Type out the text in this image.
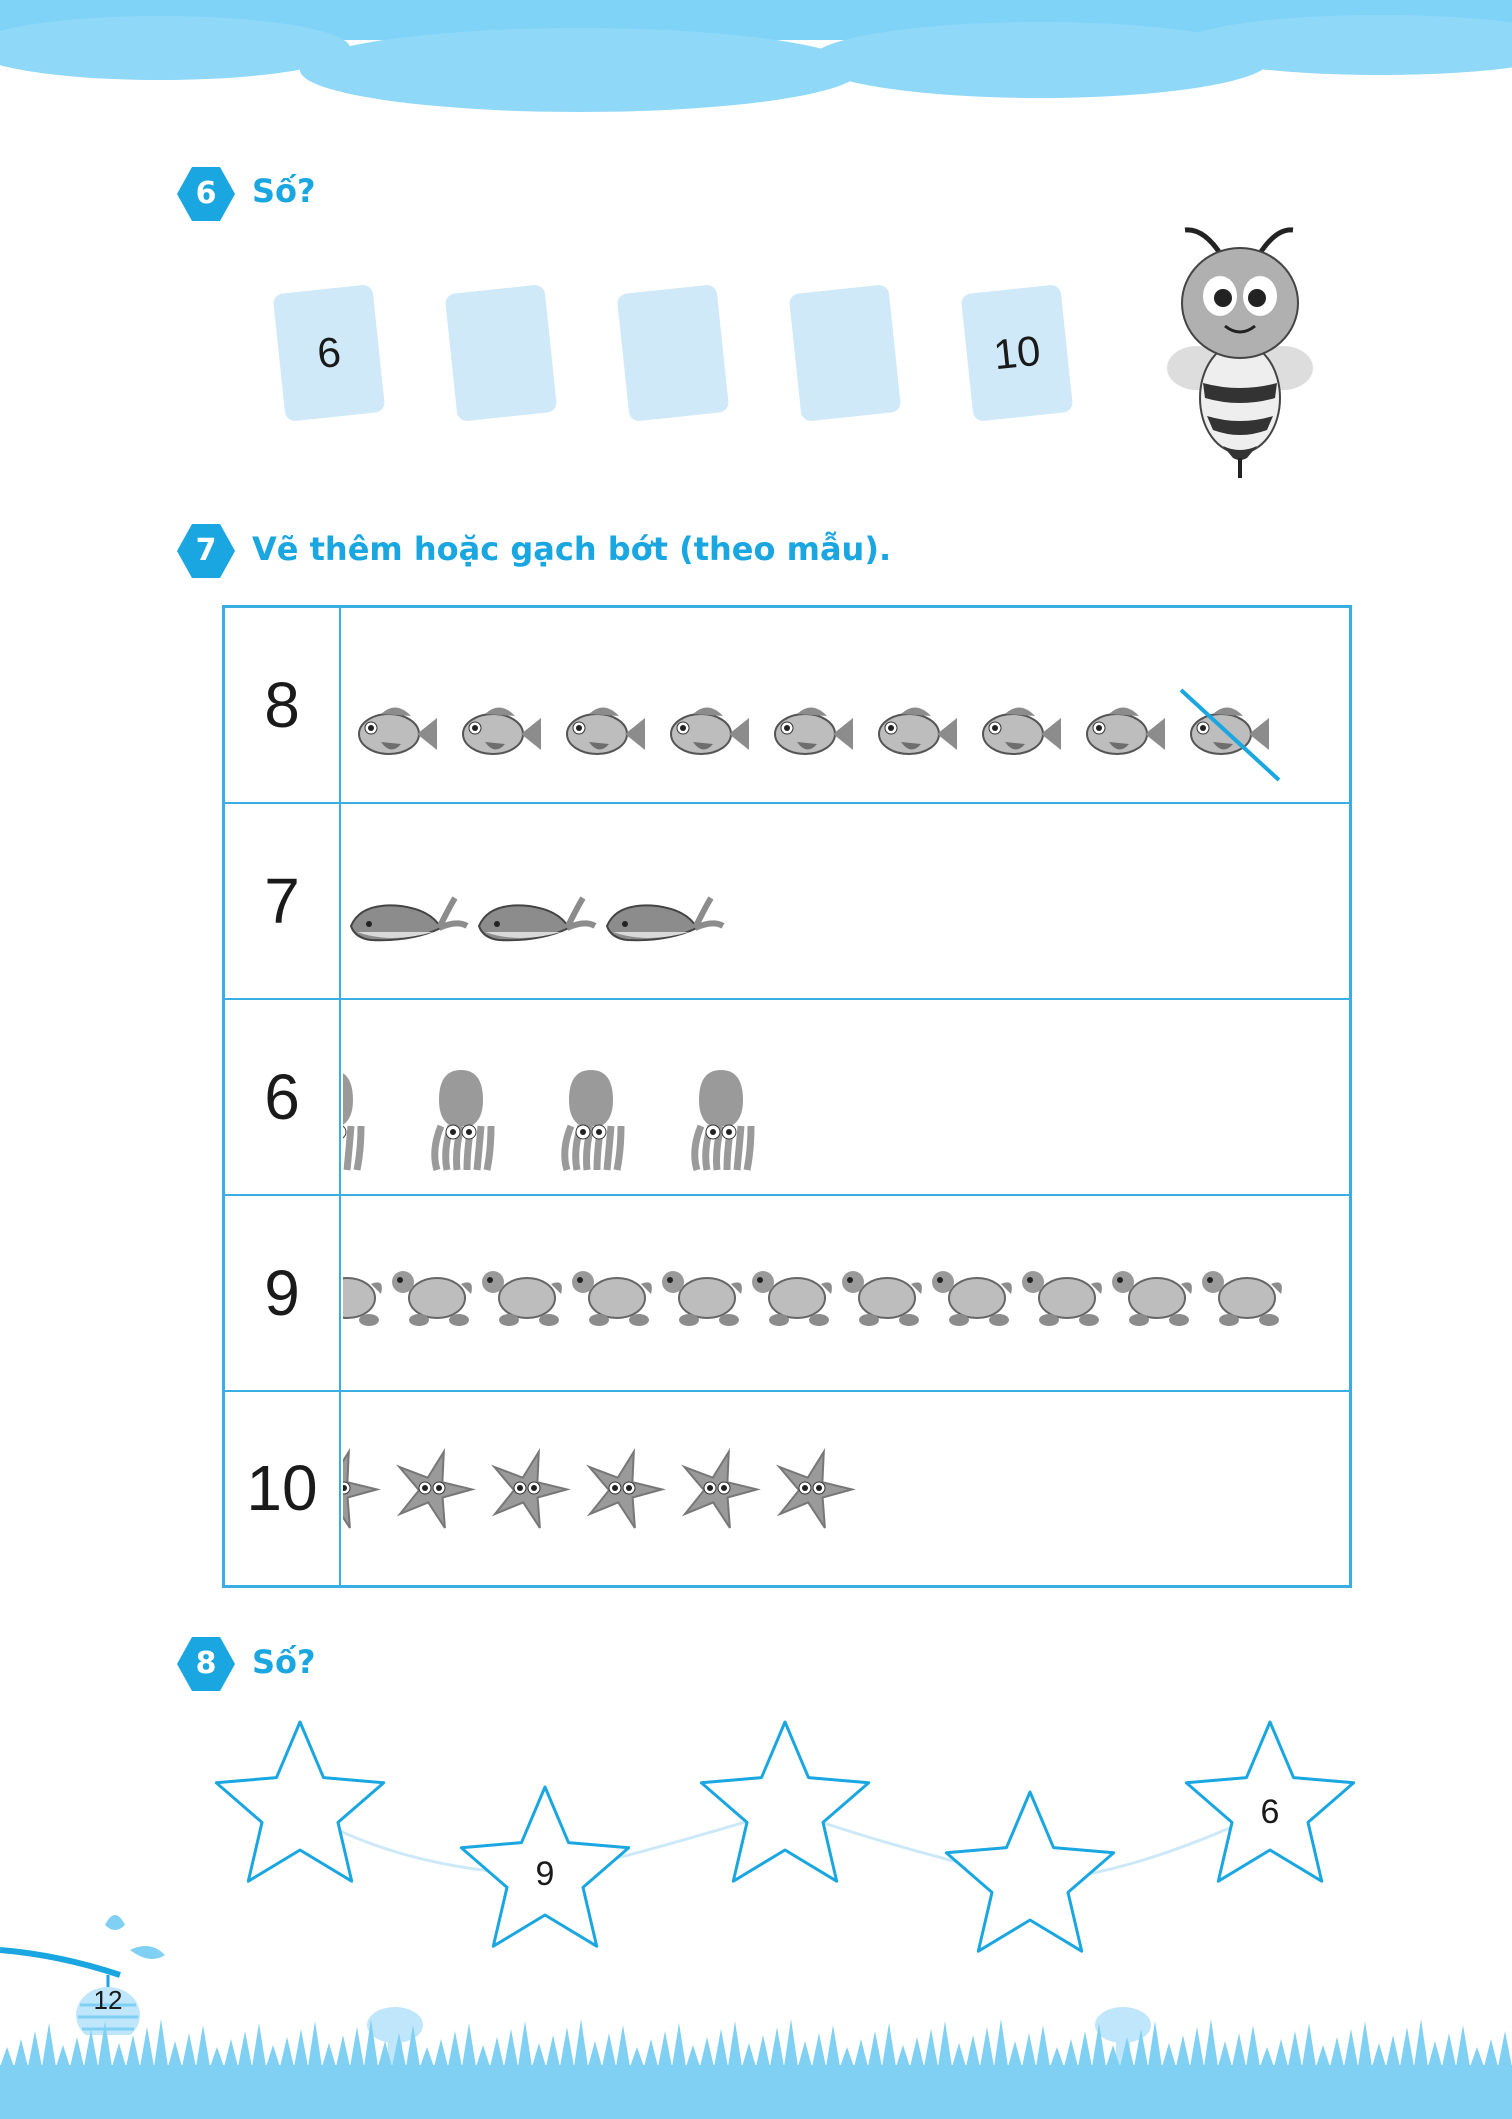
6	Số?
6	10
7	Vẽ thêm hoặc gạch bớt (theo mẫu).
8
7
6
9
10
8	Số?
9
6
12
